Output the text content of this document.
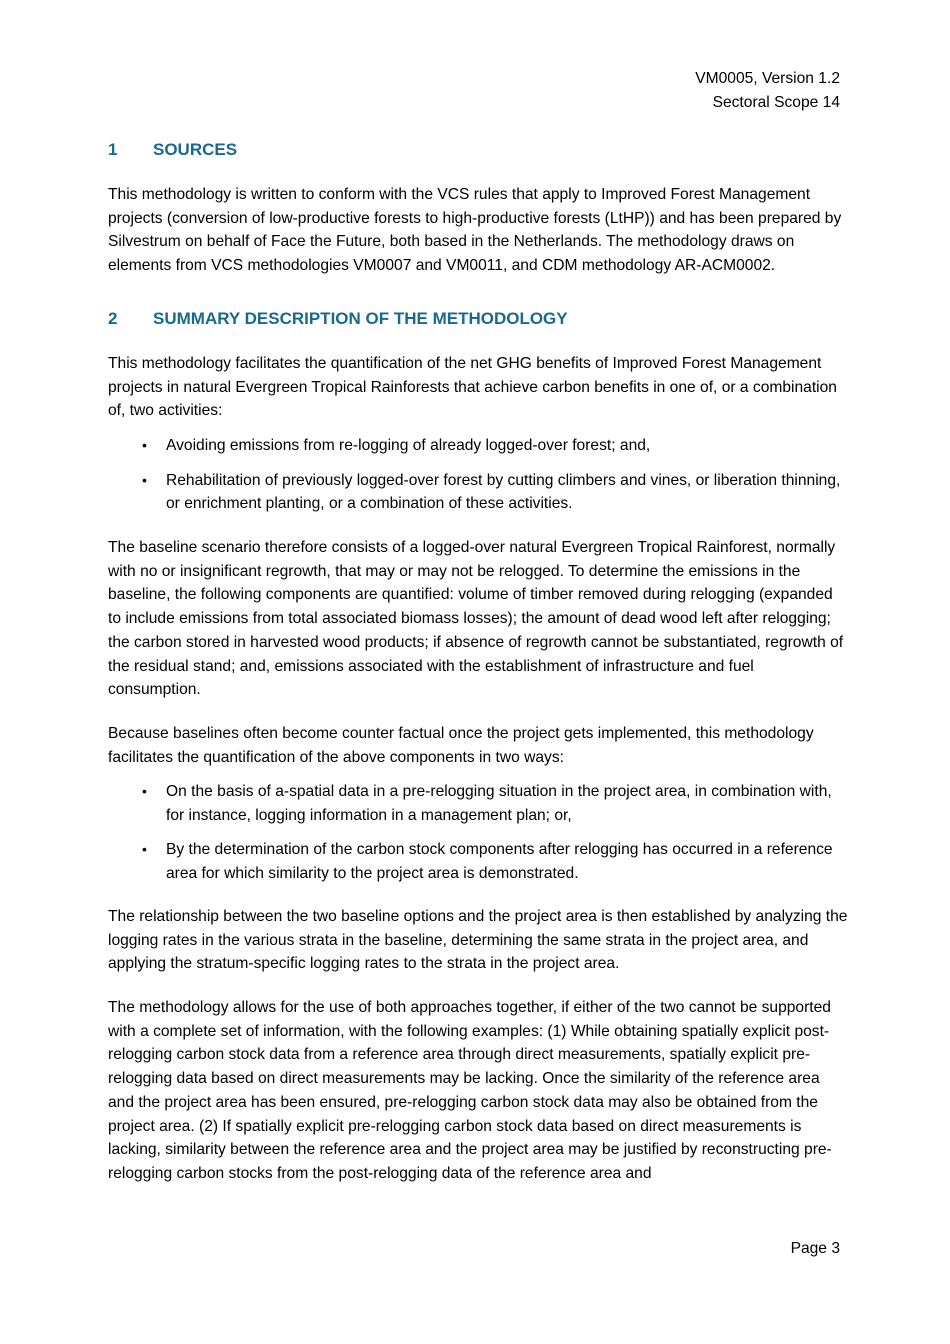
VM0005, Version 1.2
Sectoral Scope 14
1 SOURCES

This methodology is written to conform with the VCS rules that apply to Improved Forest Management projects (conversion of low-productive forests to high-productive forests (LtHP)) and has been prepared by Silvestrum on behalf of Face the Future, both based in the Netherlands. The methodology draws on elements from VCS methodologies VM0007 and VM0011, and CDM methodology AR-ACM0002.

2 SUMMARY DESCRIPTION OF THE METHODOLOGY

This methodology facilitates the quantification of the net GHG benefits of Improved Forest Management projects in natural Evergreen Tropical Rainforests that achieve carbon benefits in one of, or a combination of, two activities:

• Avoiding emissions from re-logging of already logged-over forest; and,
• Rehabilitation of previously logged-over forest by cutting climbers and vines, or liberation thinning, or enrichment planting, or a combination of these activities.

The baseline scenario therefore consists of a logged-over natural Evergreen Tropical Rainforest, normally with no or insignificant regrowth, that may or may not be relogged. To determine the emissions in the baseline, the following components are quantified: volume of timber removed during relogging (expanded to include emissions from total associated biomass losses); the amount of dead wood left after relogging; the carbon stored in harvested wood products; if absence of regrowth cannot be substantiated, regrowth of the residual stand; and, emissions associated with the establishment of infrastructure and fuel consumption.

Because baselines often become counter factual once the project gets implemented, this methodology facilitates the quantification of the above components in two ways:

• On the basis of a-spatial data in a pre-relogging situation in the project area, in combination with, for instance, logging information in a management plan; or,
• By the determination of the carbon stock components after relogging has occurred in a reference area for which similarity to the project area is demonstrated.

The relationship between the two baseline options and the project area is then established by analyzing the logging rates in the various strata in the baseline, determining the same strata in the project area, and applying the stratum-specific logging rates to the strata in the project area.

The methodology allows for the use of both approaches together, if either of the two cannot be supported with a complete set of information, with the following examples: (1) While obtaining spatially explicit post-relogging carbon stock data from a reference area through direct measurements, spatially explicit pre-relogging data based on direct measurements may be lacking. Once the similarity of the reference area and the project area has been ensured, pre-relogging carbon stock data may also be obtained from the project area. (2) If spatially explicit pre-relogging carbon stock data based on direct measurements is lacking, similarity between the reference area and the project area may be justified by reconstructing pre-relogging carbon stocks from the post-relogging data of the reference area and

Page 3
